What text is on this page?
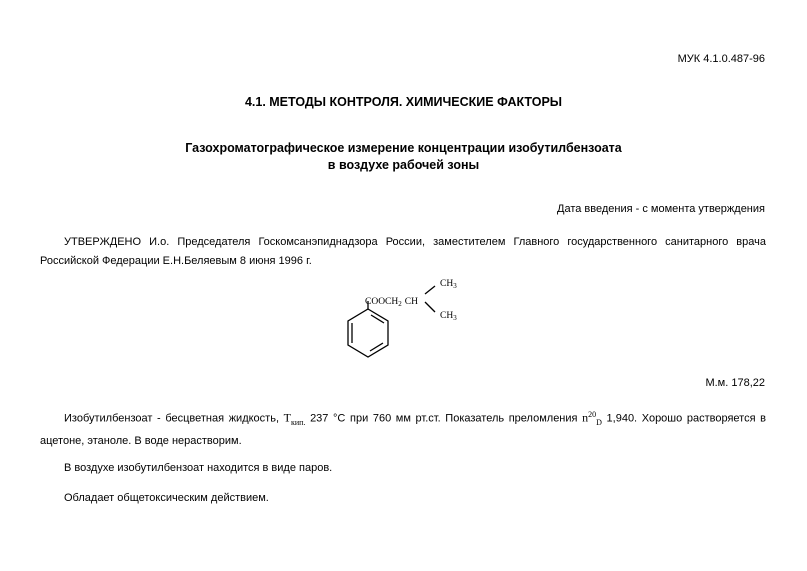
МУК 4.1.0.487-96
4.1. МЕТОДЫ КОНТРОЛЯ. ХИМИЧЕСКИЕ ФАКТОРЫ
Газохроматографическое измерение концентрации изобутилбензоата
в воздухе рабочей зоны
Дата введения - с момента утверждения
УТВЕРЖДЕНО И.о. Председателя Госкомсанэпиднадзора России, заместителем Главного государственного санитарного врача Российской Федерации Е.Н.Беляевым 8 июня 1996 г.
$COOCH_2$ CH
$CH_3$
$CH_3$
М.м. 178,22
Изобутилбензоат - бесцветная жидкость, $T_{кип.}$ 237 °C при 760 мм рт.ст. Показатель преломления $n^{20}_D$ 1,940. Хорошо растворяется в ацетоне, этаноле. В воде нерастворим.
В воздухе изобутилбензоат находится в виде паров.
Обладает общетоксическим действием.
